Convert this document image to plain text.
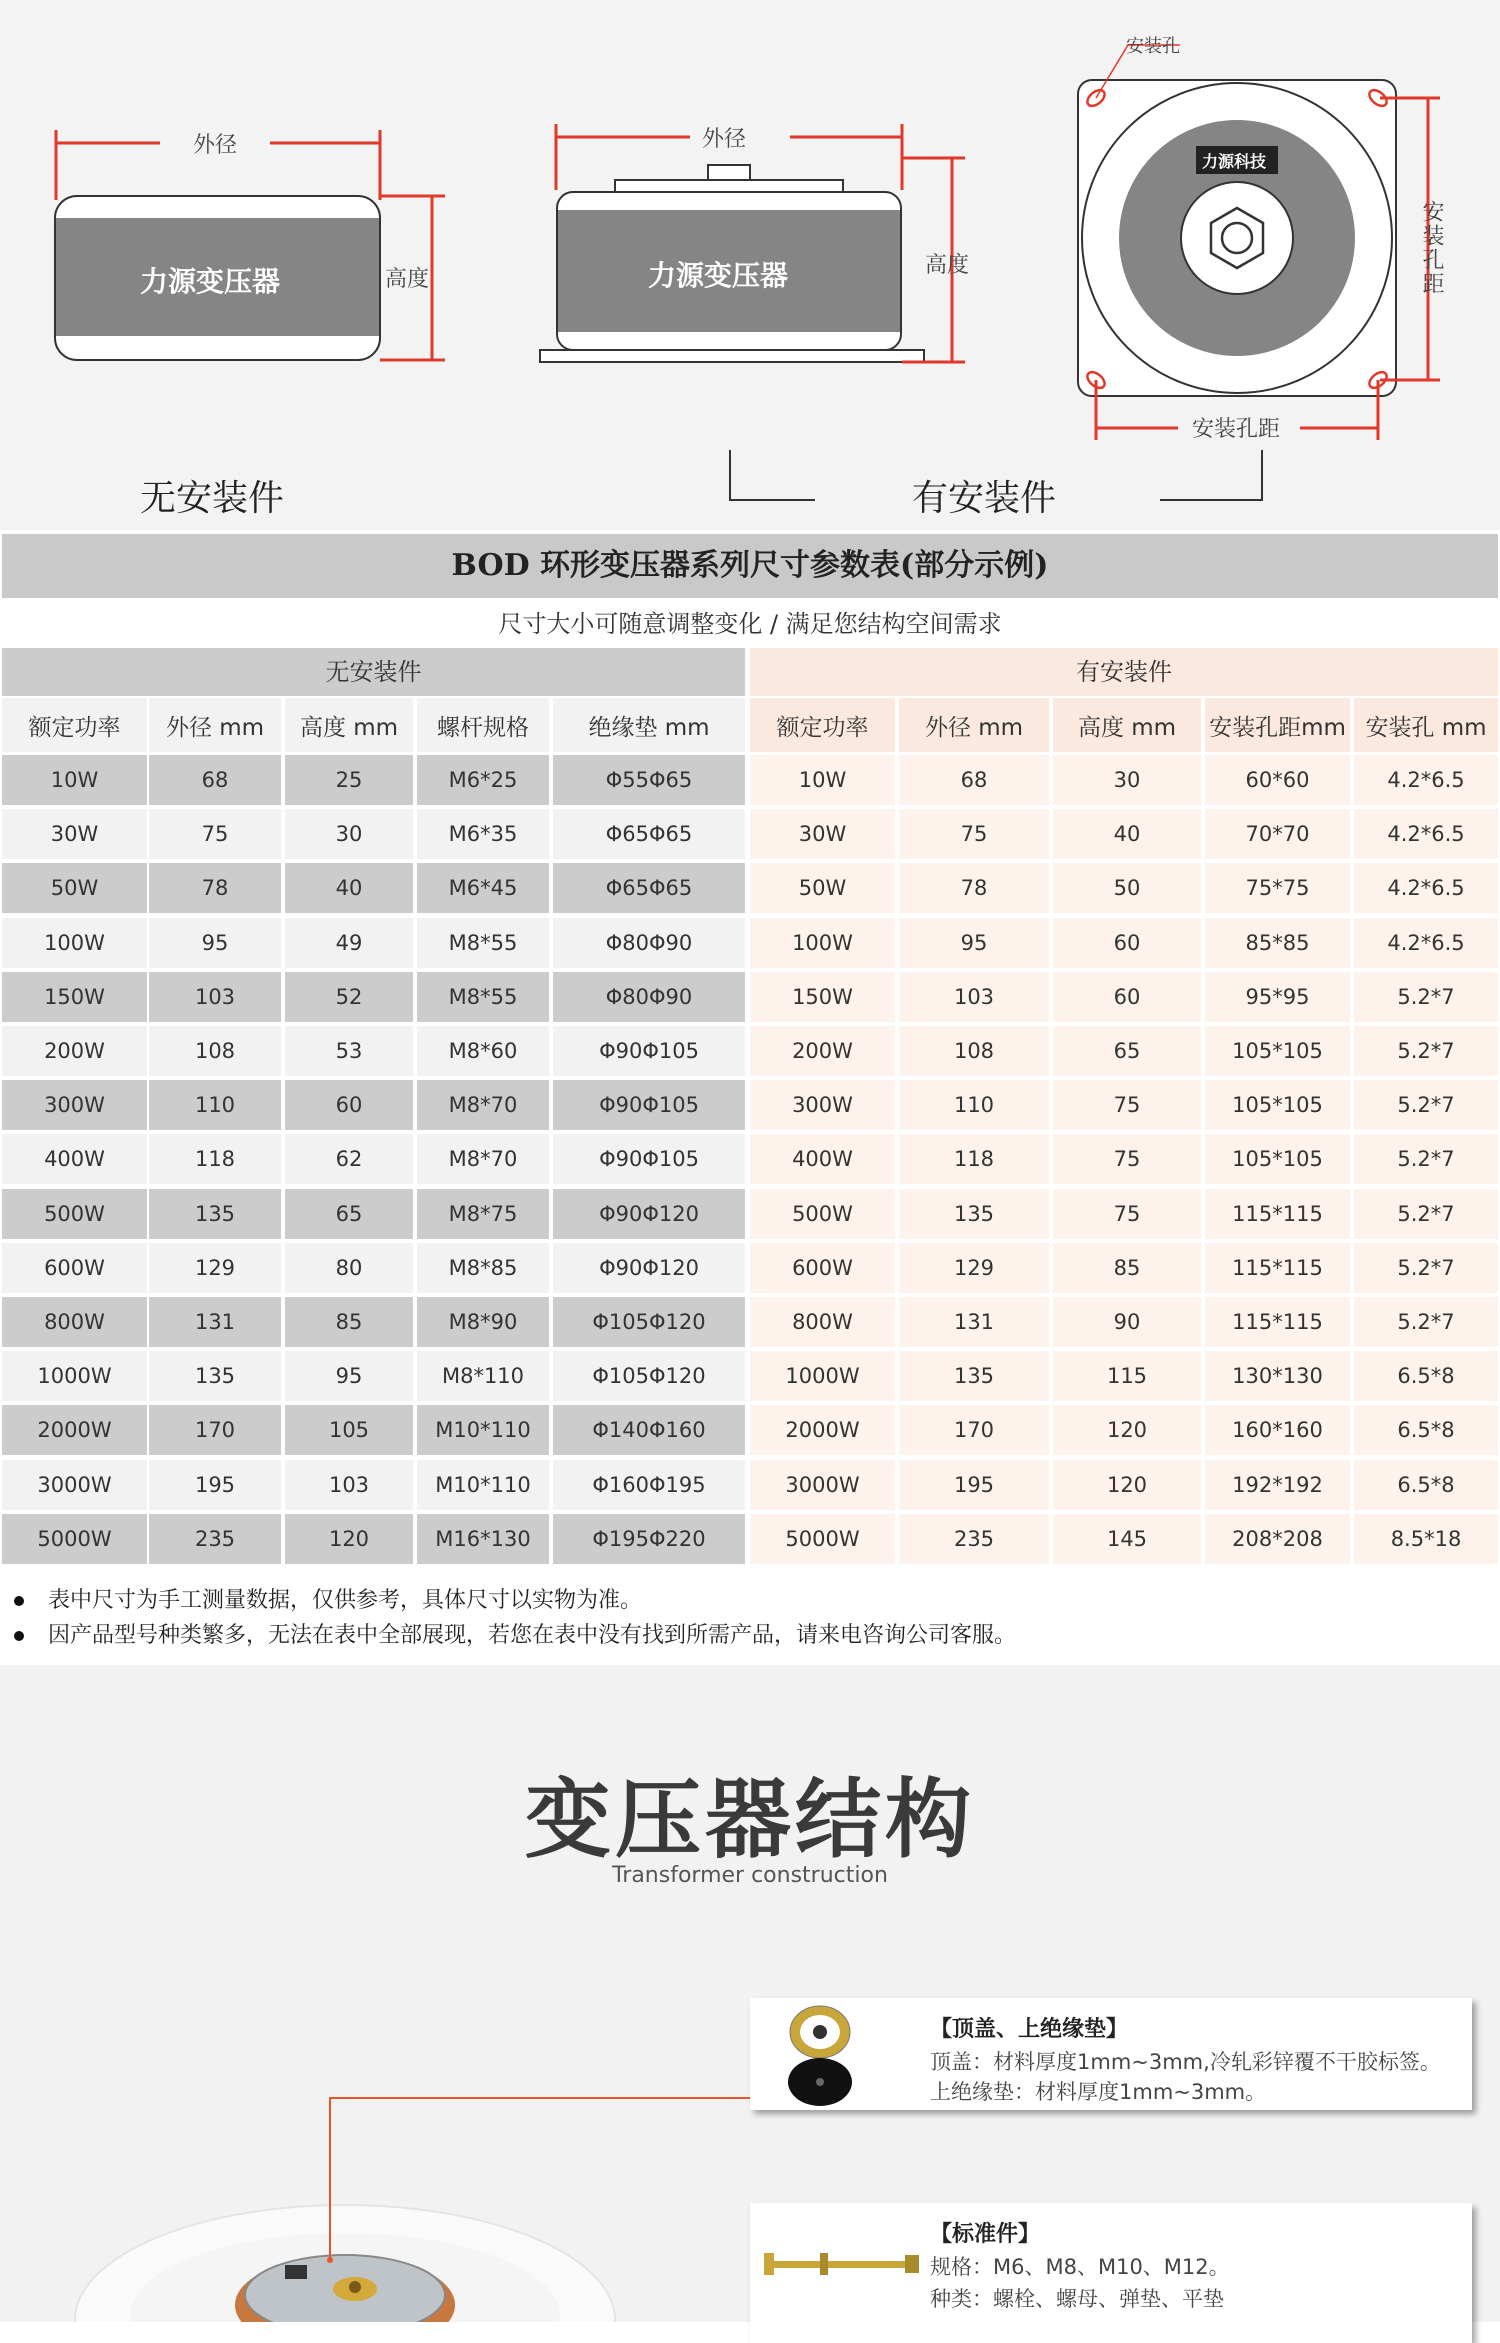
外径
高度
力源变压器
无安装件
外径
高度
力源变压器
安装孔
安装孔距
安装孔距
力源科技
有安装件
BOD 环形变压器系列尺寸参数表(部分示例)
尺寸大小可随意调整变化 / 满足您结构空间需求
无安装件	有安装件
额定功率	外径 mm	高度 mm	螺杆规格	绝缘垫 mm	额定功率	外径 mm	高度 mm	安装孔距mm 安装孔 mm
10W	68	25	M6*25	Φ55Φ65	10W	68	30	60*60	4.2*6.5
30W	75	30	M6*35	Φ65Φ65	30W	75	40	70*70	4.2*6.5
50W	78	40	M6*45	Φ65Φ65	50W	78	50	75*75	4.2*6.5
100W	95	49	M8*55	Φ80Φ90	100W	95	60	85*85	4.2*6.5
150W	103	52	M8*55	Φ80Φ90	150W	103	60	95*95	5.2*7
200W	108	53	M8*60	Φ90Φ105	200W	108	65	105*105	5.2*7
300W	110	60	M8*70	Φ90Φ105	300W	110	75	105*105	5.2*7
400W	118	62	M8*70	Φ90Φ105	400W	118	75	105*105	5.2*7
500W	135	65	M8*75	Φ90Φ120	500W	135	75	115*115	5.2*7
600W	129	80	M8*85	Φ90Φ120	600W	129	85	115*115	5.2*7
800W	131	85	M8*90	Φ105Φ120	800W	131	90	115*115	5.2*7
1000W	135	95	M8*110	Φ105Φ120	1000W	135	115	130*130	6.5*8
2000W	170	105	M10*110	Φ140Φ160	2000W	170	120	160*160	6.5*8
3000W	195	103	M10*110	Φ160Φ195	3000W	195	120	192*192	6.5*8
5000W	235	120	M16*130	Φ195Φ220	5000W	235	145	208*208	8.5*18
表中尺寸为手工测量数据，仅供参考，具体尺寸以实物为准。
因产品型号种类繁多，无法在表中全部展现，若您在表中没有找到所需产品，请来电咨询公司客服。
变压器结构
Transformer construction
【顶盖、上绝缘垫】
顶盖：材料厚度1mm~3mm,冷轧彩锌覆不干胶标签。
上绝缘垫：材料厚度1mm~3mm。
【标准件】
规格：M6、M8、M10、M12。
种类：螺栓、螺母、弹垫、平垫
